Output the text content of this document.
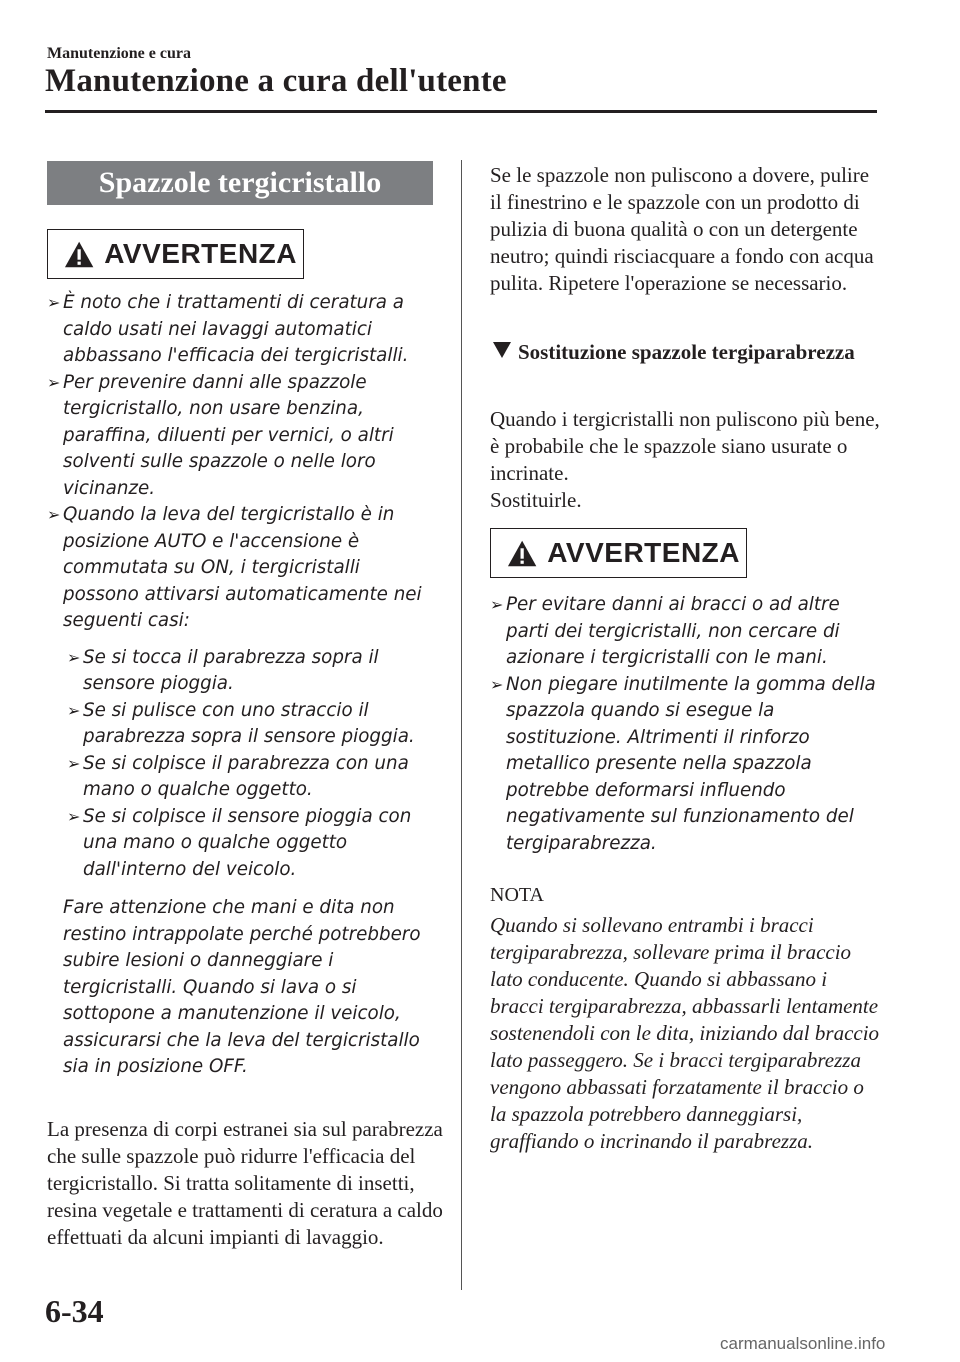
Manutenzione e cura
Manutenzione a cura dell'utente
Spazzole tergicristallo
AVVERTENZA

➢ È noto che i trattamenti di ceratura a caldo usati nei lavaggi automatici abbassano l'efficacia dei tergicristalli.

➢ Per prevenire danni alle spazzole tergicristallo, non usare benzina, paraffina, diluenti per vernici, o altri solventi sulle spazzole o nelle loro vicinanze.

➢ Quando la leva del tergicristallo è in posizione AUTO e l'accensione è commutata su ON, i tergicristalli possono attivarsi automaticamente nei seguenti casi:

➢ Se si tocca il parabrezza sopra il sensore pioggia.

➢ Se si pulisce con uno straccio il parabrezza sopra il sensore pioggia.

➢ Se si colpisce il parabrezza con una mano o qualche oggetto.

➢ Se si colpisce il sensore pioggia con una mano o qualche oggetto dall'interno del veicolo.

Fare attenzione che mani e dita non restino intrappolate perché potrebbero subire lesioni o danneggiare i tergicristalli. Quando si lava o si sottopone a manutenzione il veicolo, assicurarsi che la leva del tergicristallo sia in posizione OFF.

La presenza di corpi estranei sia sul parabrezza che sulle spazzole può ridurre l'efficacia del tergicristallo. Si tratta solitamente di insetti, resina vegetale e trattamenti di ceratura a caldo effettuati da alcuni impianti di lavaggio.
Se le spazzole non puliscono a dovere, pulire il finestrino e le spazzole con un prodotto di pulizia di buona qualità o con un detergente neutro; quindi risciacquare a fondo con acqua pulita. Ripetere l'operazione se necessario.
Sostituzione spazzole tergiparabrezza
Quando i tergicristalli non puliscono più bene, è probabile che le spazzole siano usurate o incrinate.
Sostituirle.
AVVERTENZA

➢ Per evitare danni ai bracci o ad altre parti dei tergicristalli, non cercare di azionare i tergicristalli con le mani.

➢ Non piegare inutilmente la gomma della spazzola quando si esegue la sostituzione. Altrimenti il rinforzo metallico presente nella spazzola potrebbe deformarsi influendo negativamente sul funzionamento del tergiparabrezza.

NOTA
Quando si sollevano entrambi i bracci tergiparabrezza, sollevare prima il braccio lato conducente. Quando si abbassano i bracci tergiparabrezza, abbassarli lentamente sostenendoli con le dita, iniziando dal braccio lato passeggero. Se i bracci tergiparabrezza vengono abbassati forzatamente il braccio o la spazzola potrebbero danneggiarsi, graffiando o incrinando il parabrezza.
6-34
carmanualsonline.info
